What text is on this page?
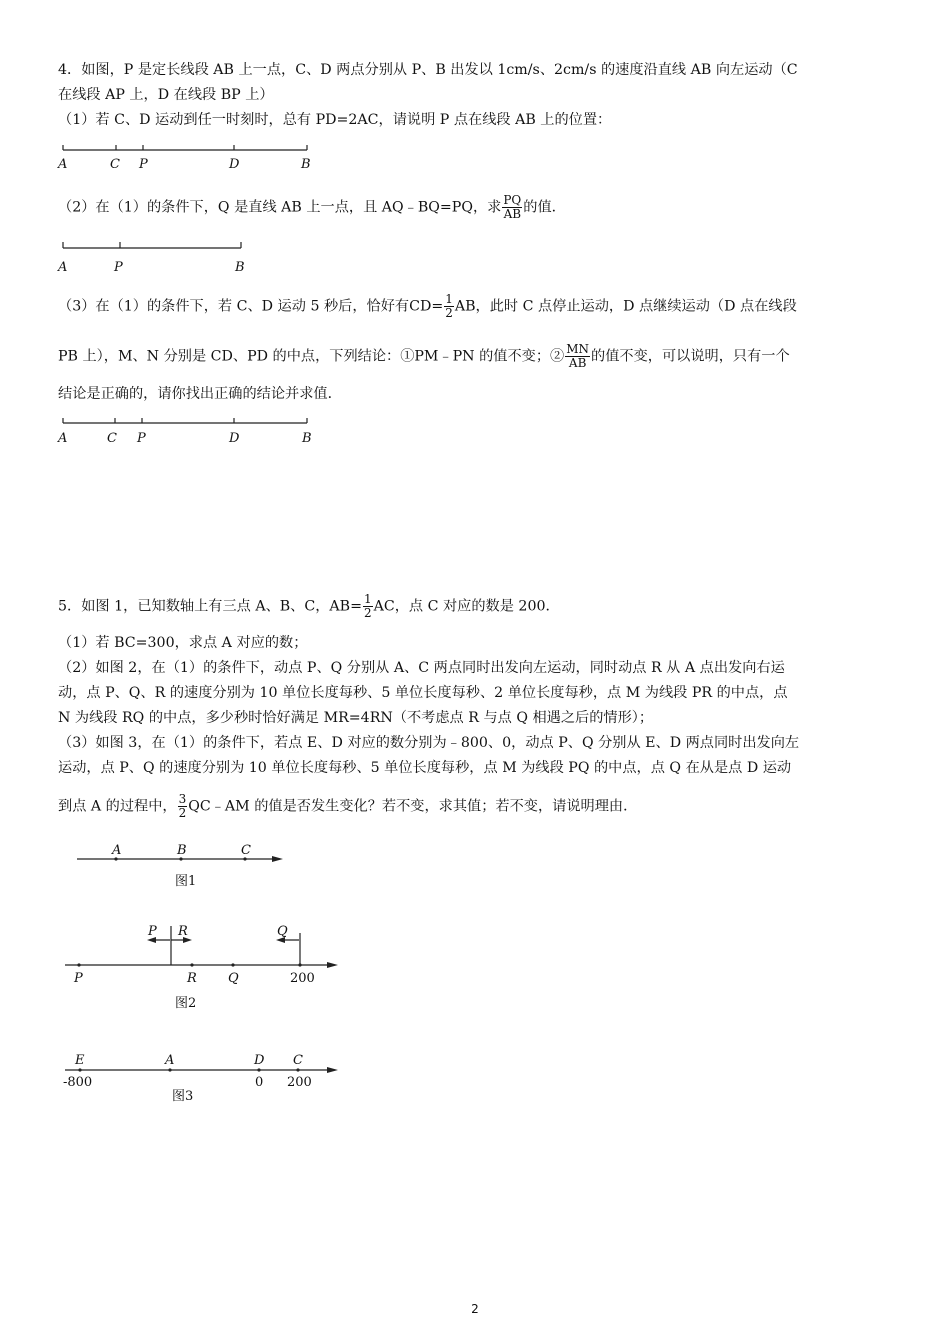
4．如图，P 是定长线段 AB 上一点，C、D 两点分别从 P、B 出发以 1cm/s、2cm/s 的速度沿直线 AB 向左运动（C
在线段 AP 上，D 在线段 BP 上）
（1）若 C、D 运动到任一时刻时，总有 PD=2AC，请说明 P 点在线段 AB 上的位置：
A	C P	D	B
A	P	B
A	C P	D	B
A	B	C
图1
P R	Q
P	R Q	200
图2
E	A	D C
-800	0 200
图3
（2）在（1）的条件下，Q 是直线 AB 上一点，且 AQ﹣BQ=PQ，求 $\frac{PQ}{AB}$ 的值．
（3）在（1）的条件下，若 C、D 运动 5 秒后，恰好有$CD= \frac{1}{2}$ AB，此时 C 点停止运动，D 点继续运动（D 点在线段
PB 上），M、N 分别是 CD、PD 的中点，下列结论：①PM﹣PN 的值不变；② $\frac{MN}{AB}$ 的值不变，可以说明，只有一个
结论是正确的，请你找出正确的结论并求值．
5．如图 1，已知数轴上有三点 A、B、C，$AB= \frac{1}{2}$ AC，点 C 对应的数是 200．
（1）若 BC=300，求点 A 对应的数；
（2）如图 2，在（1）的条件下，动点 P、Q 分别从 A、C 两点同时出发向左运动，同时动点 R 从 A 点出发向右运
动，点 P、Q、R 的速度分别为 10 单位长度每秒、5 单位长度每秒、2 单位长度每秒，点 M 为线段 PR 的中点，点
N 为线段 RQ 的中点，多少秒时恰好满足 MR=4RN（不考虑点 R 与点 Q 相遇之后的情形）；
（3）如图 3，在（1）的条件下，若点 E、D 对应的数分别为﹣800、0，动点 P、Q 分别从 E、D 两点同时出发向左
运动，点 P、Q 的速度分别为 10 单位长度每秒、5 单位长度每秒，点 M 为线段 PQ 的中点，点 Q 在从是点 D 运动
到点 A 的过程中， $\frac{3}{2}$ QC﹣AM 的值是否发生变化？若不变，求其值；若不变，请说明理由．
2
